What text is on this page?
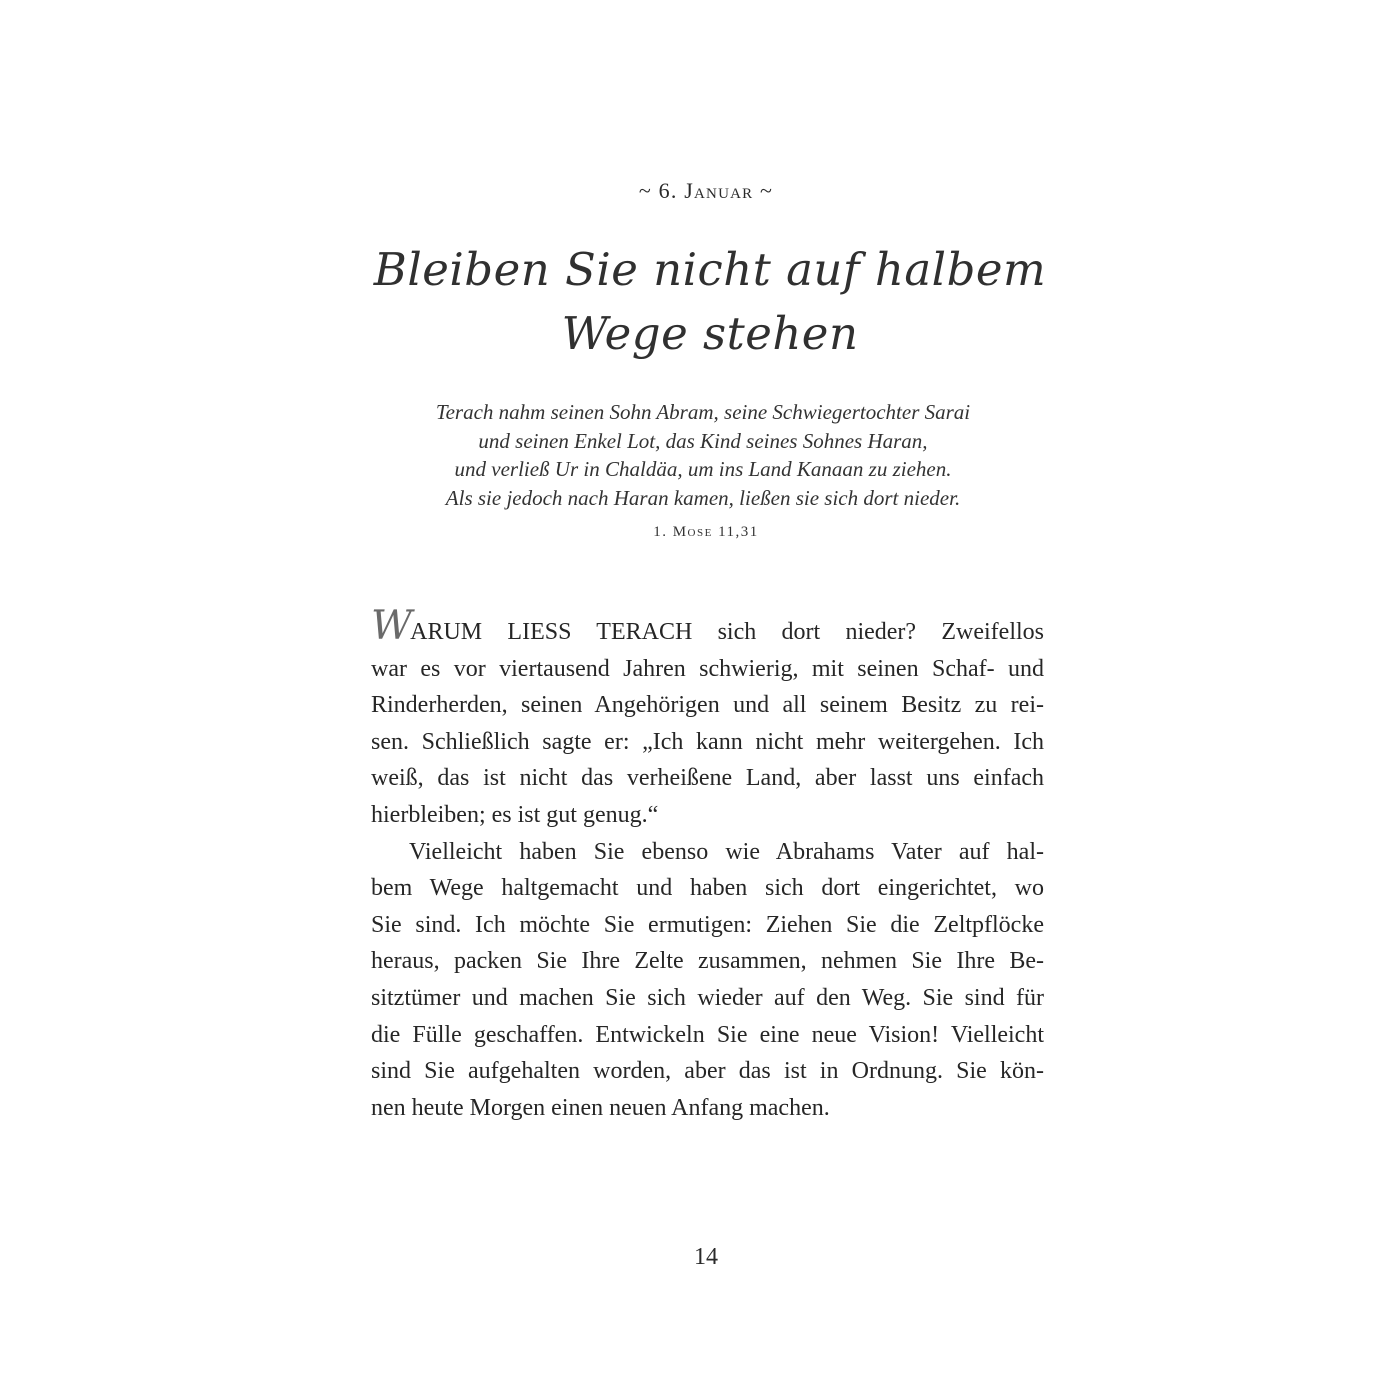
~ 6. Januar ~
Bleiben Sie nicht auf halbem
Wege stehen
Terach nahm seinen Sohn Abram, seine Schwiegertochter Sarai
und seinen Enkel Lot, das Kind seines Sohnes Haran,
und verließ Ur in Chaldäa, um ins Land Kanaan zu ziehen.
Als sie jedoch nach Haran kamen, ließen sie sich dort nieder.
1. Mose 11,31
WARUM LIESS TERACH sich dort nieder? Zweifellos
war es vor viertausend Jahren schwierig, mit seinen Schaf- und
Rinderherden, seinen Angehörigen und all seinem Besitz zu rei-
sen. Schließlich sagte er: „Ich kann nicht mehr weitergehen. Ich
weiß, das ist nicht das verheißene Land, aber lasst uns einfach
hierbleiben; es ist gut genug.“
Vielleicht haben Sie ebenso wie Abrahams Vater auf hal-
bem Wege haltgemacht und haben sich dort eingerichtet, wo
Sie sind. Ich möchte Sie ermutigen: Ziehen Sie die Zeltpflöcke
heraus, packen Sie Ihre Zelte zusammen, nehmen Sie Ihre Be-
sitztümer und machen Sie sich wieder auf den Weg. Sie sind für
die Fülle geschaffen. Entwickeln Sie eine neue Vision! Vielleicht
sind Sie aufgehalten worden, aber das ist in Ordnung. Sie kön-
nen heute Morgen einen neuen Anfang machen.
14
